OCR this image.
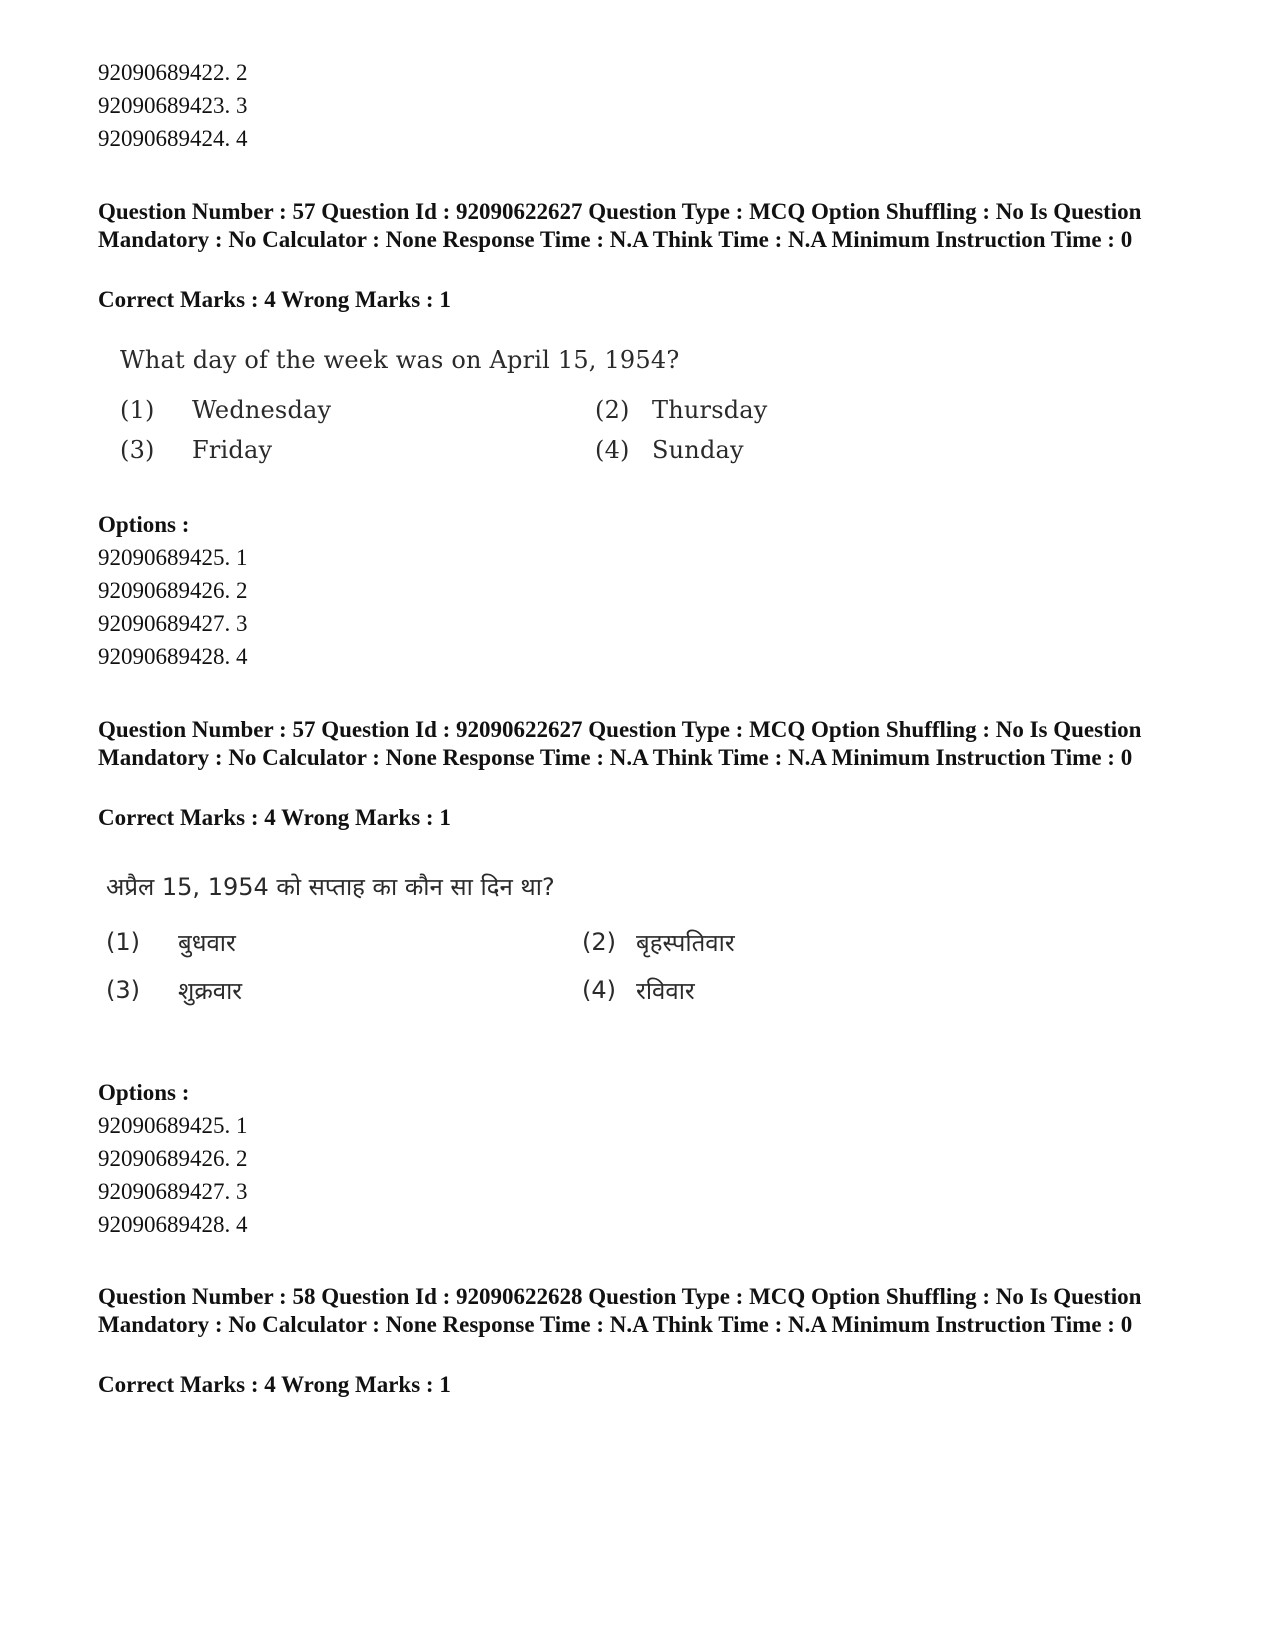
92090689422. 2
92090689423. 3
92090689424. 4
Question Number : 57 Question Id : 92090622627 Question Type : MCQ Option Shuffling : No Is Question Mandatory : No Calculator : None Response Time : N.A Think Time : N.A Minimum Instruction Time : 0
Correct Marks : 4 Wrong Marks : 1
What day of the week was on April 15, 1954?
(1) Wednesday	(2) Thursday
(3) Friday	(4) Sunday
Options :
92090689425. 1
92090689426. 2
92090689427. 3
92090689428. 4
Question Number : 57 Question Id : 92090622627 Question Type : MCQ Option Shuffling : No Is Question Mandatory : No Calculator : None Response Time : N.A Think Time : N.A Minimum Instruction Time : 0
Correct Marks : 4 Wrong Marks : 1
अप्रैल 15, 1954 को सप्ताह का कौन सा दिन था?
(1) बुधवार	(2) बृहस्पतिवार
(3) शुक्रवार	(4) रविवार
Options :
92090689425. 1
92090689426. 2
92090689427. 3
92090689428. 4
Question Number : 58 Question Id : 92090622628 Question Type : MCQ Option Shuffling : No Is Question Mandatory : No Calculator : None Response Time : N.A Think Time : N.A Minimum Instruction Time : 0
Correct Marks : 4 Wrong Marks : 1
